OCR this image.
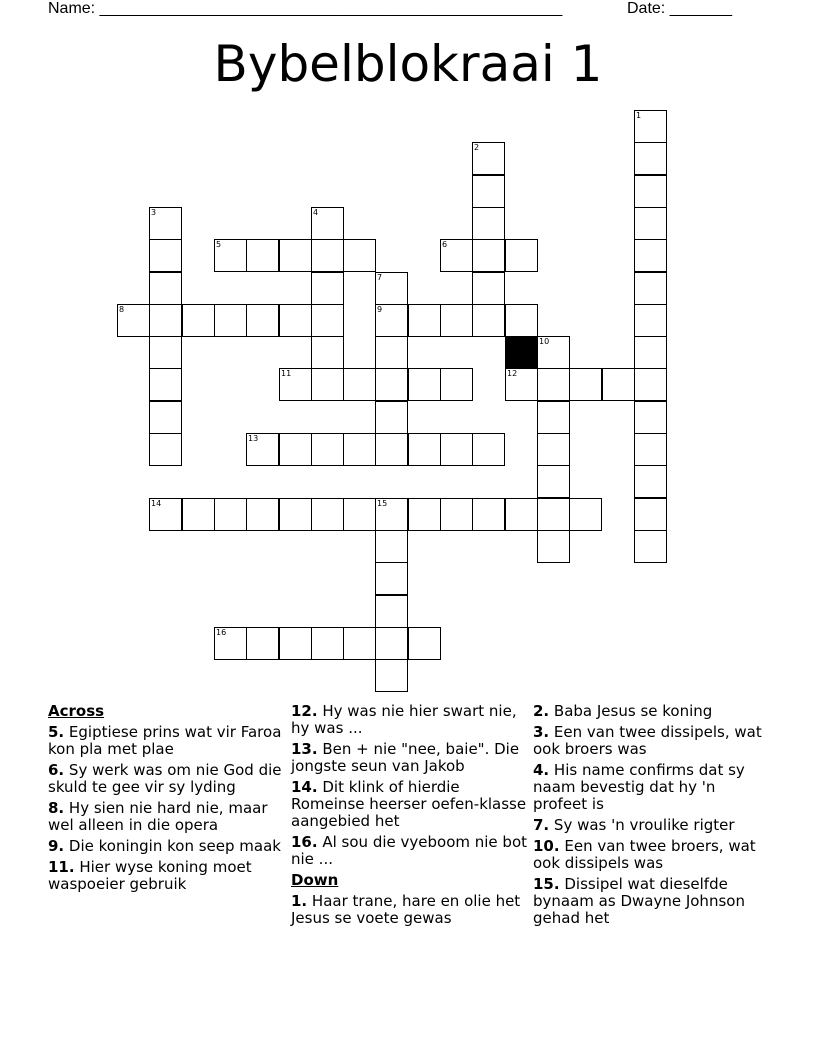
Name: ____________________________________________________	Date: _______
Bybelblokraai 1
1
2
3	4
5	6
7
9
8
10
11	12
13
14	15
16
Across
5. Egiptiese prins wat vir Faroa kon pla met plae
6. Sy werk was om nie God die skuld te gee vir sy lyding
8. Hy sien nie hard nie, maar wel alleen in die opera
9. Die koningin kon seep maak
11. Hier wyse koning moet waspoeier gebruik
12. Hy was nie hier swart nie, hy was ...
13. Ben + nie "nee, baie". Die jongste seun van Jakob
14. Dit klink of hierdie Romeinse heerser oefen-klasse aangebied het
16. Al sou die vyeboom nie bot nie ...
Down
1. Haar trane, hare en olie het Jesus se voete gewas
2. Baba Jesus se koning
3. Een van twee dissipels, wat ook broers was
4. His name confirms dat sy naam bevestig dat hy 'n profeet is
7. Sy was 'n vroulike rigter
10. Een van twee broers, wat ook dissipels was
15. Dissipel wat dieselfde bynaam as Dwayne Johnson gehad het
